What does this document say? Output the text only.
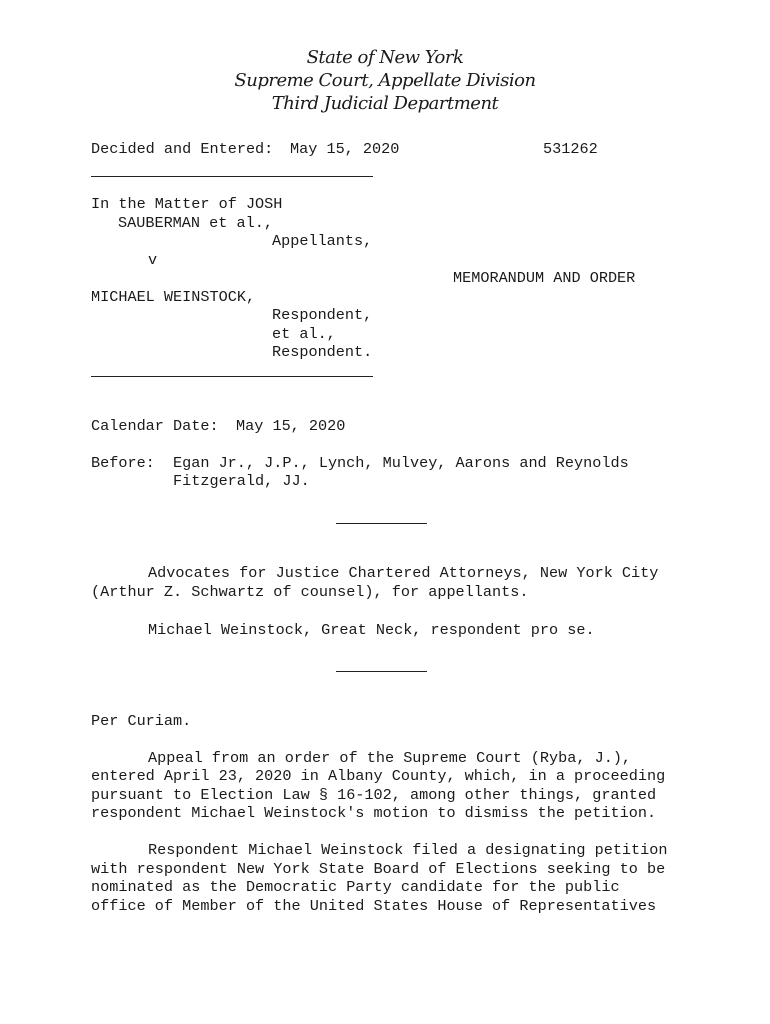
State of New York
Supreme Court, Appellate Division
Third Judicial Department
Decided and Entered: May 15, 2020	531262
In the Matter of JOSH
SAUBERMAN et al.,
Appellants,
v
MEMORANDUM AND ORDER
MICHAEL WEINSTOCK,
Respondent,
et al.,
Respondent.
Calendar Date: May 15, 2020
Before: Egan Jr., J.P., Lynch, Mulvey, Aarons and Reynolds
Fitzgerald, JJ.
Advocates for Justice Chartered Attorneys, New York City
(Arthur Z. Schwartz of counsel), for appellants.
Michael Weinstock, Great Neck, respondent pro se.
Per Curiam.
Appeal from an order of the Supreme Court (Ryba, J.),
entered April 23, 2020 in Albany County, which, in a proceeding
pursuant to Election Law § 16-102, among other things, granted
respondent Michael Weinstock's motion to dismiss the petition.
Respondent Michael Weinstock filed a designating petition
with respondent New York State Board of Elections seeking to be
nominated as the Democratic Party candidate for the public
office of Member of the United States House of Representatives
